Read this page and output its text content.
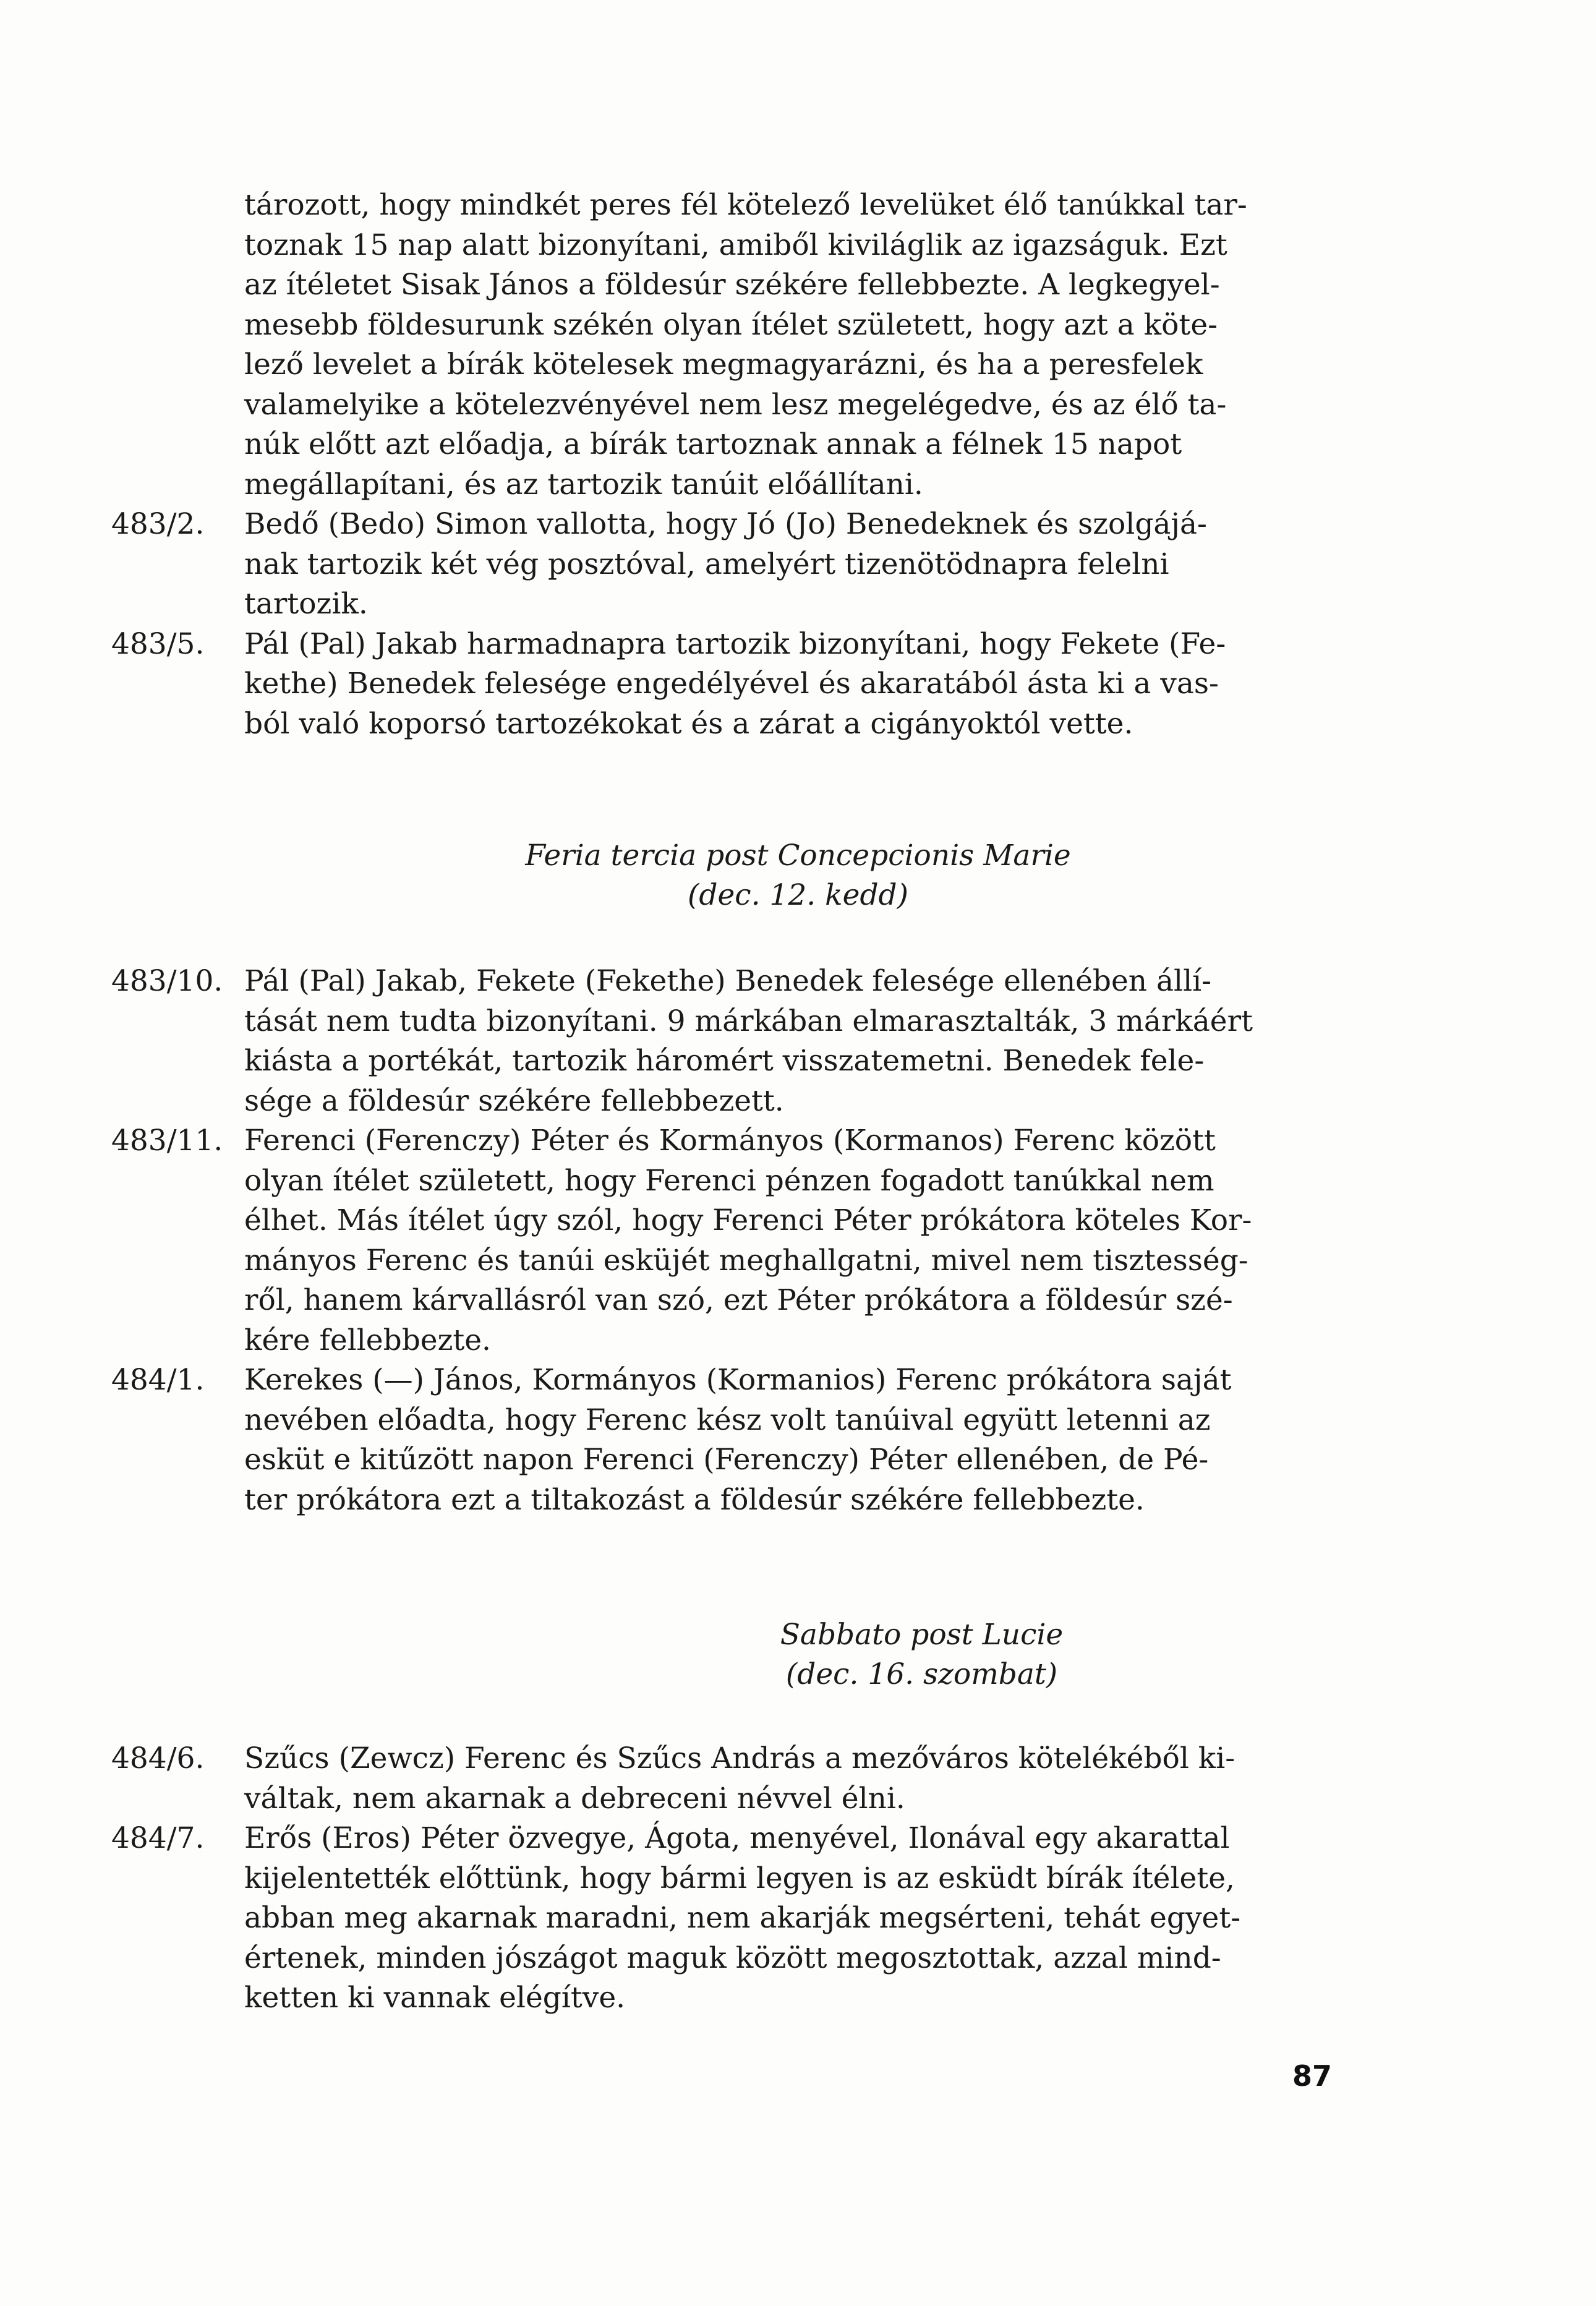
tározott, hogy mindkét peres fél kötelező levelüket élő tanúkkal tar-
toznak 15 nap alatt bizonyítani, amiből kiviláglik az igazságuk. Ezt
az ítéletet Sisak János a földesúr székére fellebbezte. A legkegyel-
mesebb földesurunk székén olyan ítélet született, hogy azt a köte-
lező levelet a bírák kötelesek megmagyarázni, és ha a peresfelek
valamelyike a kötelezvényével nem lesz megelégedve, és az élő ta-
núk előtt azt előadja, a bírák tartoznak annak a félnek 15 napot
megállapítani, és az tartozik tanúit előállítani.
483/2.	Bedő (Bedo) Simon vallotta, hogy Jó (Jo) Benedeknek és szolgájá-
nak tartozik két vég posztóval, amelyért tizenötödnapra felelni
tartozik.
483/5.	Pál (Pal) Jakab harmadnapra tartozik bizonyítani, hogy Fekete (Fe-
kethe) Benedek felesége engedélyével és akaratából ásta ki a vas-
ból való koporsó tartozékokat és a zárat a cigányoktól vette.
Feria tercia post Concepcionis Marie
(dec. 12. kedd)
483/10. Pál (Pal) Jakab, Fekete (Fekethe) Benedek felesége ellenében állí-
tását nem tudta bizonyítani. 9 márkában elmarasztalták, 3 márkáért
kiásta a portékát, tartozik háromért visszatemetni. Benedek fele-
sége a földesúr székére fellebbezett.
483/11. Ferenci (Ferenczy) Péter és Kormányos (Kormanos) Ferenc között
olyan ítélet született, hogy Ferenci pénzen fogadott tanúkkal nem
élhet. Más ítélet úgy szól, hogy Ferenci Péter prókátora köteles Kor-
mányos Ferenc és tanúi esküjét meghallgatni, mivel nem tisztesség-
ről, hanem kárvallásról van szó, ezt Péter prókátora a földesúr szé-
kére fellebbezte.
484/1.	Kerekes (—) János, Kormányos (Kormanios) Ferenc prókátora saját
nevében előadta, hogy Ferenc kész volt tanúival együtt letenni az
esküt e kitűzött napon Ferenci (Ferenczy) Péter ellenében, de Pé-
ter prókátora ezt a tiltakozást a földesúr székére fellebbezte.
Sabbato post Lucie
(dec. 16. szombat)
484/6.	Szűcs (Zewcz) Ferenc és Szűcs András a mezőváros kötelékéből ki-
váltak, nem akarnak a debreceni névvel élni.
484/7.	Erős (Eros) Péter özvegye, Ágota, menyével, Ilonával egy akarattal
kijelentették előttünk, hogy bármi legyen is az esküdt bírák ítélete,
abban meg akarnak maradni, nem akarják megsérteni, tehát egyet-
értenek, minden jószágot maguk között megosztottak, azzal mind-
ketten ki vannak elégítve.
87
